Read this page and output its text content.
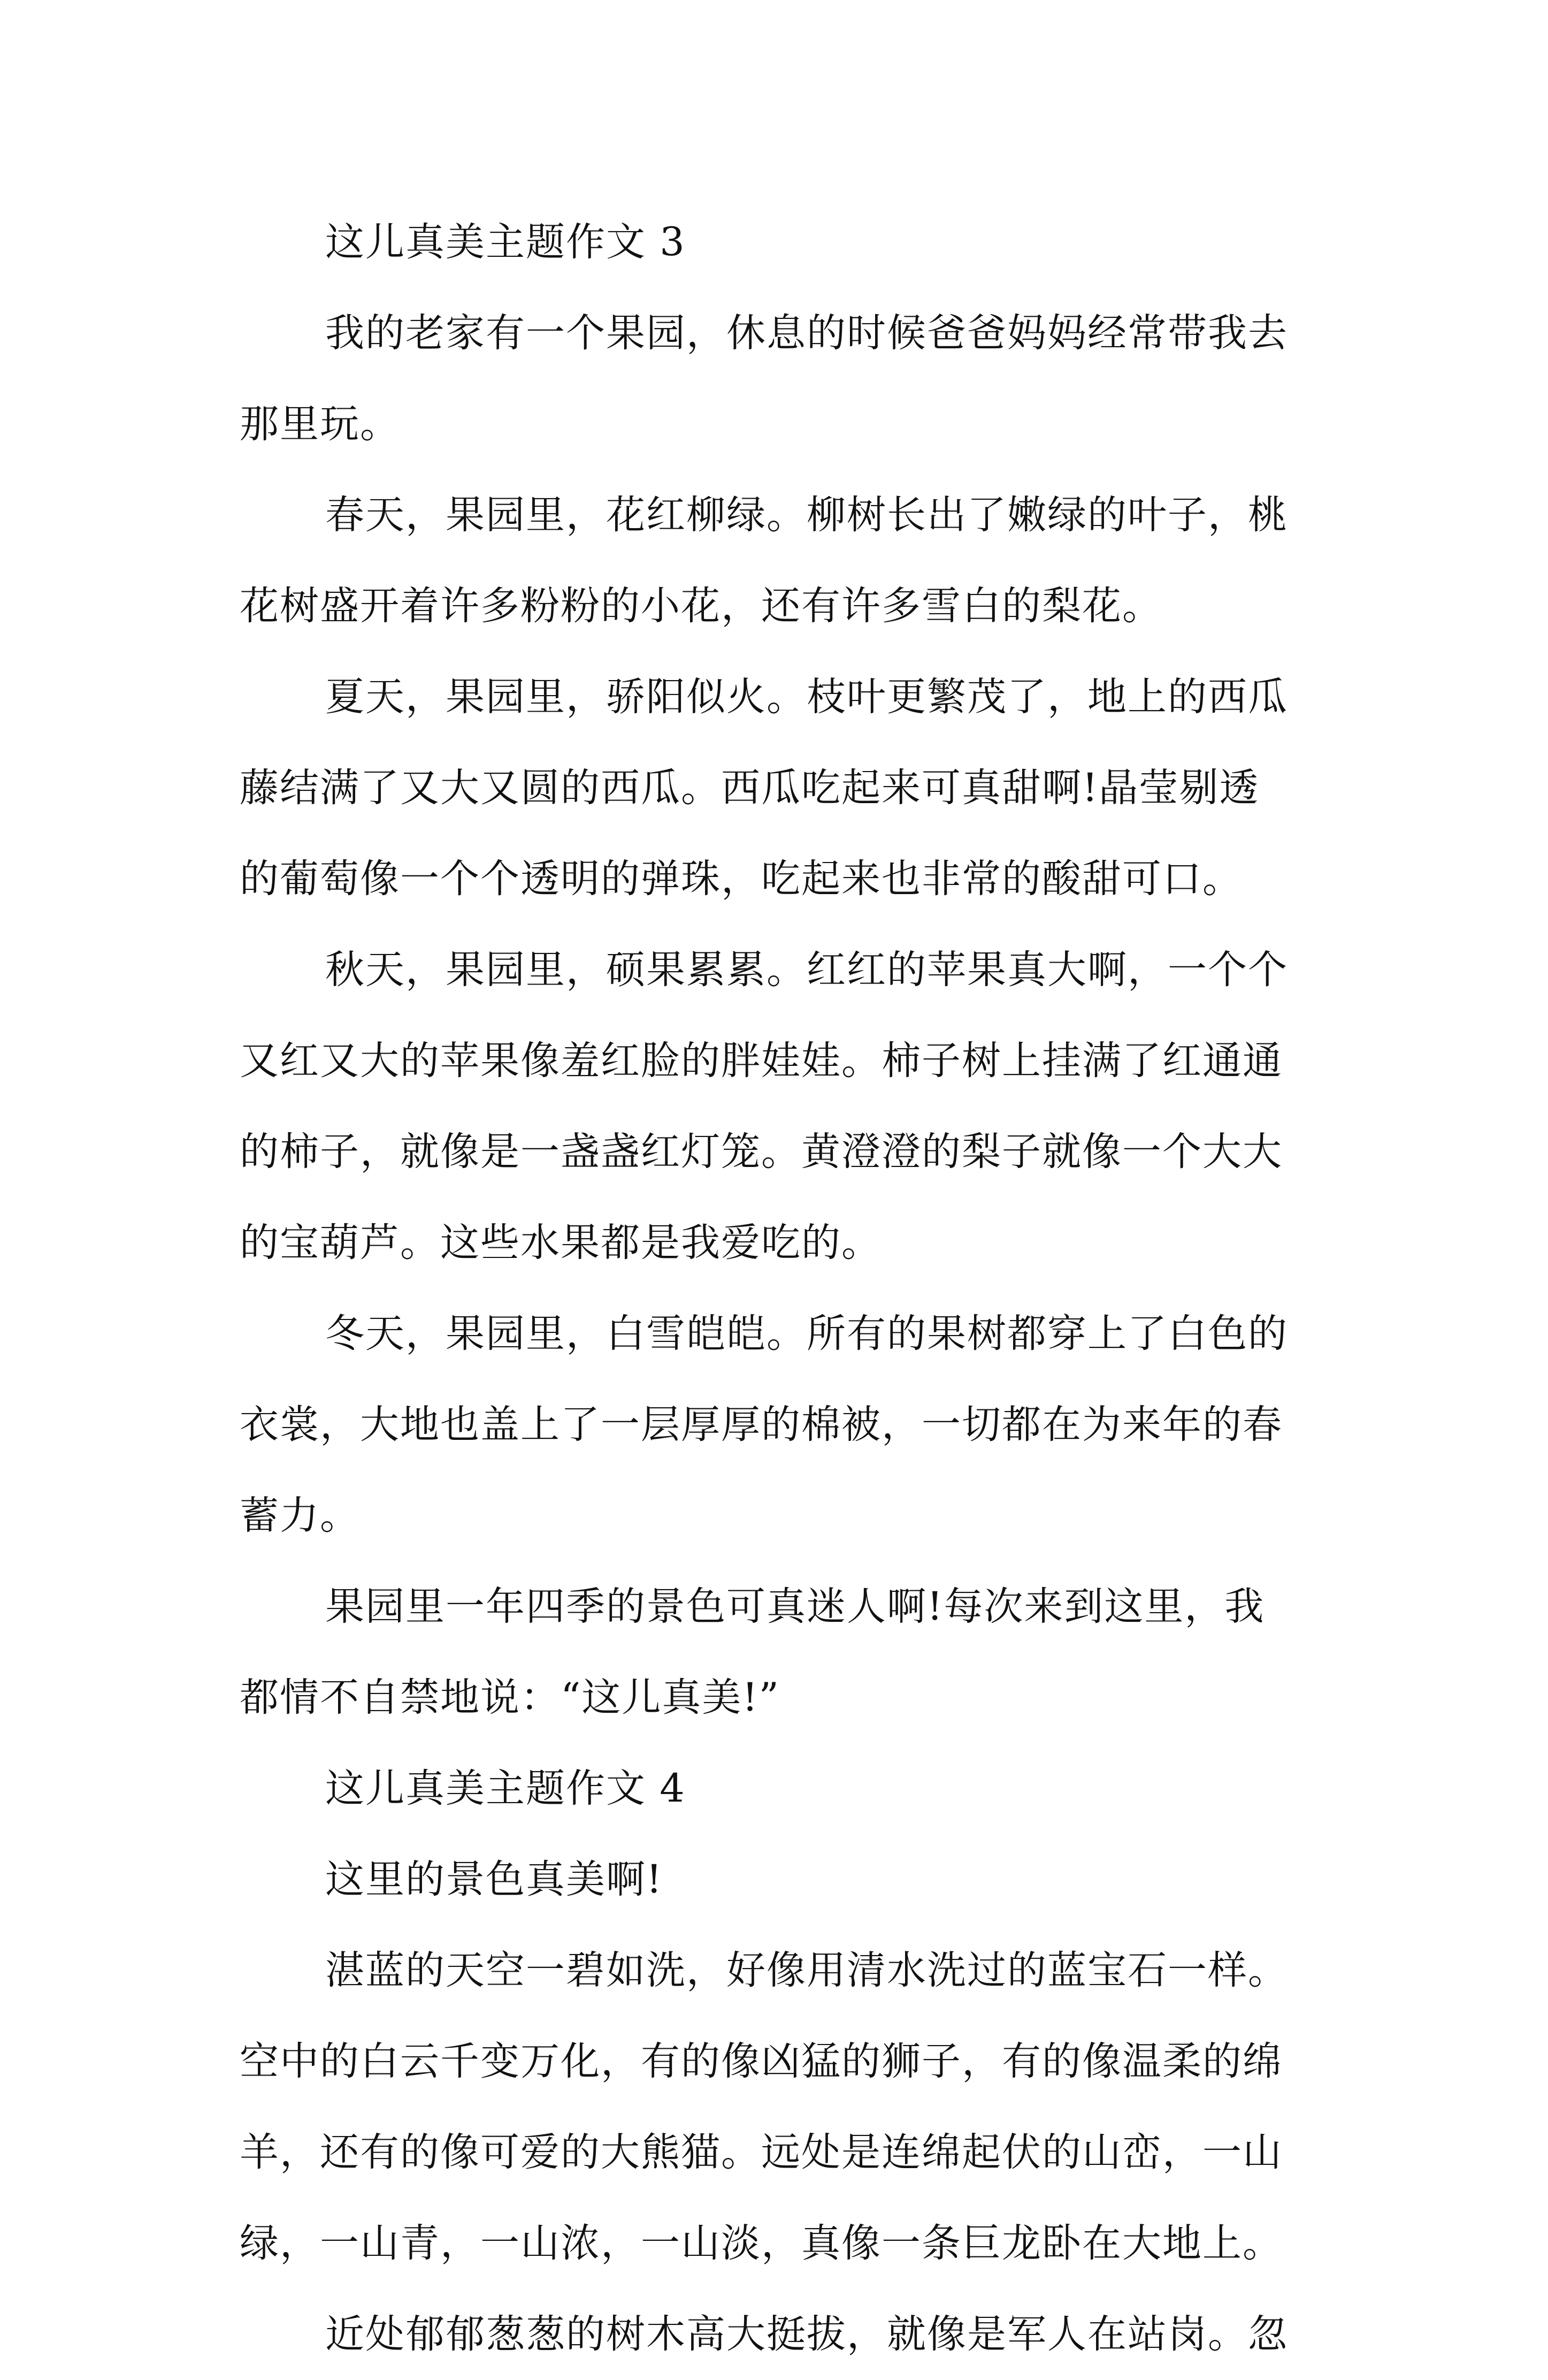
这儿真美主题作文 3
我的老家有一个果园，休息的时候爸爸妈妈经常带我去
那里玩。
春天，果园里，花红柳绿。柳树长出了嫩绿的叶子，桃
花树盛开着许多粉粉的小花，还有许多雪白的梨花。
夏天，果园里，骄阳似火。枝叶更繁茂了，地上的西瓜
藤结满了又大又圆的西瓜。西瓜吃起来可真甜啊!晶莹剔透
的葡萄像一个个透明的弹珠，吃起来也非常的酸甜可口。
秋天，果园里，硕果累累。红红的苹果真大啊，一个个
又红又大的苹果像羞红脸的胖娃娃。柿子树上挂满了红通通
的柿子，就像是一盏盏红灯笼。黄澄澄的梨子就像一个大大
的宝葫芦。这些水果都是我爱吃的。
冬天，果园里，白雪皑皑。所有的果树都穿上了白色的
衣裳，大地也盖上了一层厚厚的棉被，一切都在为来年的春
蓄力。
果园里一年四季的景色可真迷人啊!每次来到这里，我
都情不自禁地说：“这儿真美!”
这儿真美主题作文 4
这里的景色真美啊!
湛蓝的天空一碧如洗，好像用清水洗过的蓝宝石一样。
空中的白云千变万化，有的像凶猛的狮子，有的像温柔的绵
羊，还有的像可爱的大熊猫。远处是连绵起伏的山峦，一山
绿，一山青，一山浓，一山淡，真像一条巨龙卧在大地上。
近处郁郁葱葱的树木高大挺拔，就像是军人在站岗。忽
